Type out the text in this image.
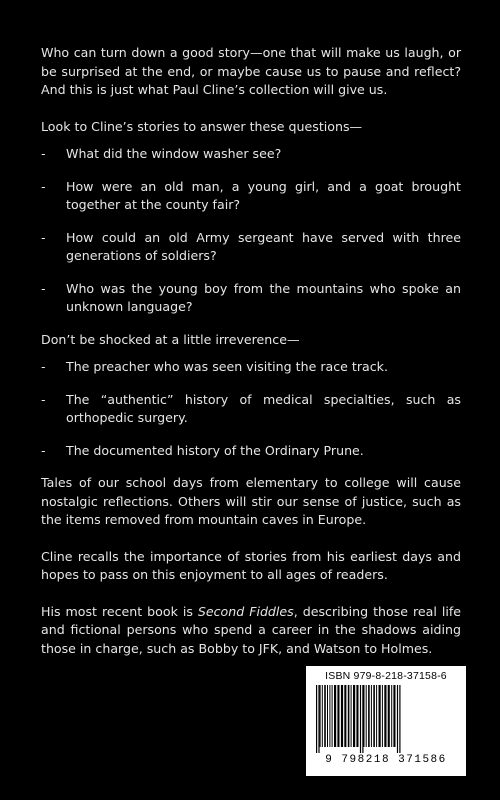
Who can turn down a good story—one that will make us laugh, or be surprised at the end, or maybe cause us to pause and reflect? And this is just what Paul Cline’s collection will give us.

Look to Cline’s stories to answer these questions—

- What did the window washer see?
- How were an old man, a young girl, and a goat brought together at the county fair?
- How could an old Army sergeant have served with three generations of soldiers?
- Who was the young boy from the mountains who spoke an unknown language?

Don’t be shocked at a little irreverence—

- The preacher who was seen visiting the race track.
- The “authentic” history of medical specialties, such as orthopedic surgery.
- The documented history of the Ordinary Prune.

Tales of our school days from elementary to college will cause nostalgic reflections. Others will stir our sense of justice, such as the items removed from mountain caves in Europe.

Cline recalls the importance of stories from his earliest days and hopes to pass on this enjoyment to all ages of readers.

His most recent book is Second Fiddles, describing those real life and fictional persons who spend a career in the shadows aiding those in charge, such as Bobby to JFK, and Watson to Holmes.

ISBN 979-8-218-37158-6
9 798218 371586
